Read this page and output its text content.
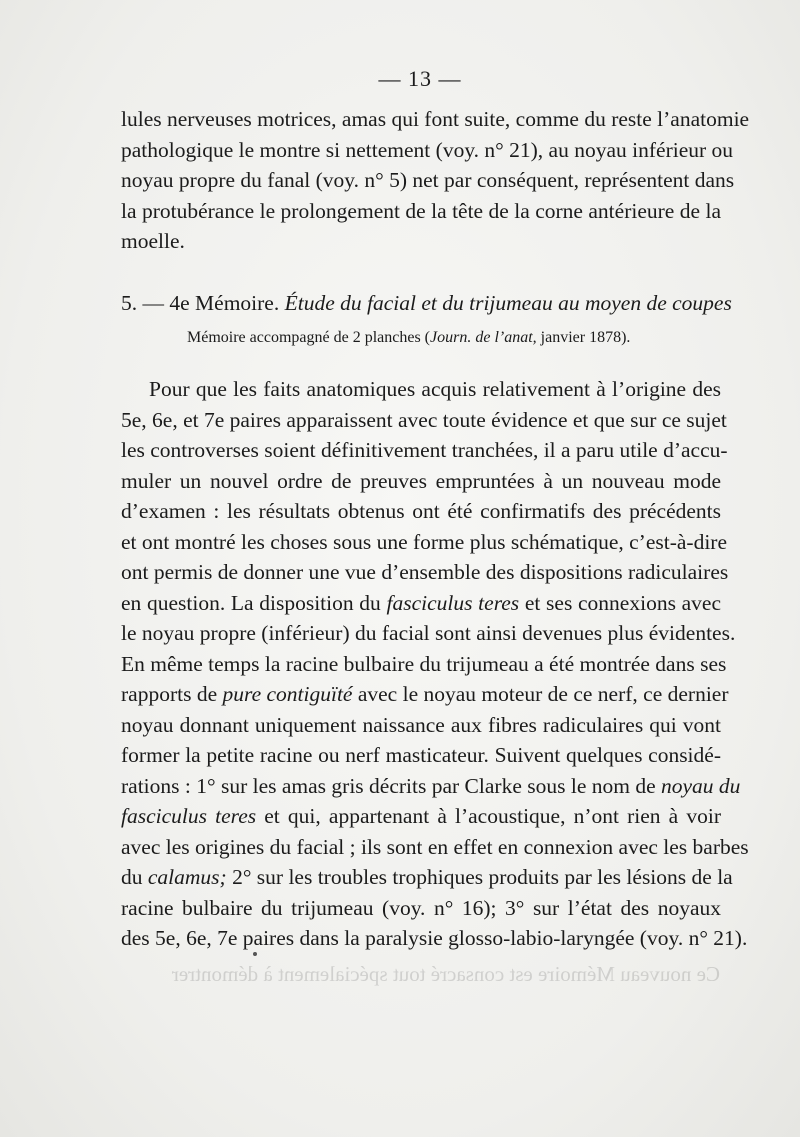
— 13 —
lules nerveuses motrices, amas qui font suite, comme du reste l’anatomie
pathologique le montre si nettement (voy. n° 21), au noyau inférieur ou
noyau propre du fanal (voy. n° 5) net par conséquent, représentent dans
la protubérance le prolongement de la tête de la corne antérieure de la
moelle.
5. — 4e Mémoire. Étude du facial et du trijumeau au moyen de coupes
Mémoire accompagné de 2 planches (Journ. de l’anat, janvier 1878).
Pour que les faits anatomiques acquis relativement à l’origine des
5e, 6e, et 7e paires apparaissent avec toute évidence et que sur ce sujet
les controverses soient définitivement tranchées, il a paru utile d’accu-
muler un nouvel ordre de preuves empruntées à un nouveau mode
d’examen : les résultats obtenus ont été confirmatifs des précédents
et ont montré les choses sous une forme plus schématique, c’est-à-dire
ont permis de donner une vue d’ensemble des dispositions radiculaires
en question. La disposition du fasciculus teres et ses connexions avec
le noyau propre (inférieur) du facial sont ainsi devenues plus évidentes.
En même temps la racine bulbaire du trijumeau a été montrée dans ses
rapports de pure contiguïté avec le noyau moteur de ce nerf, ce dernier
noyau donnant uniquement naissance aux fibres radiculaires qui vont
former la petite racine ou nerf masticateur. Suivent quelques considé-
rations : 1° sur les amas gris décrits par Clarke sous le nom de noyau du
fasciculus teres et qui, appartenant à l’acoustique, n’ont rien à voir
avec les origines du facial ; ils sont en effet en connexion avec les barbes
du calamus; 2° sur les troubles trophiques produits par les lésions de la
racine bulbaire du trijumeau (voy. n° 16); 3° sur l’état des noyaux
des 5e, 6e, 7e paires dans la paralysie glosso-labio-laryngée (voy. n° 21).
Ce nouveau Mémoire est consacré tout spécialement à démontrer
